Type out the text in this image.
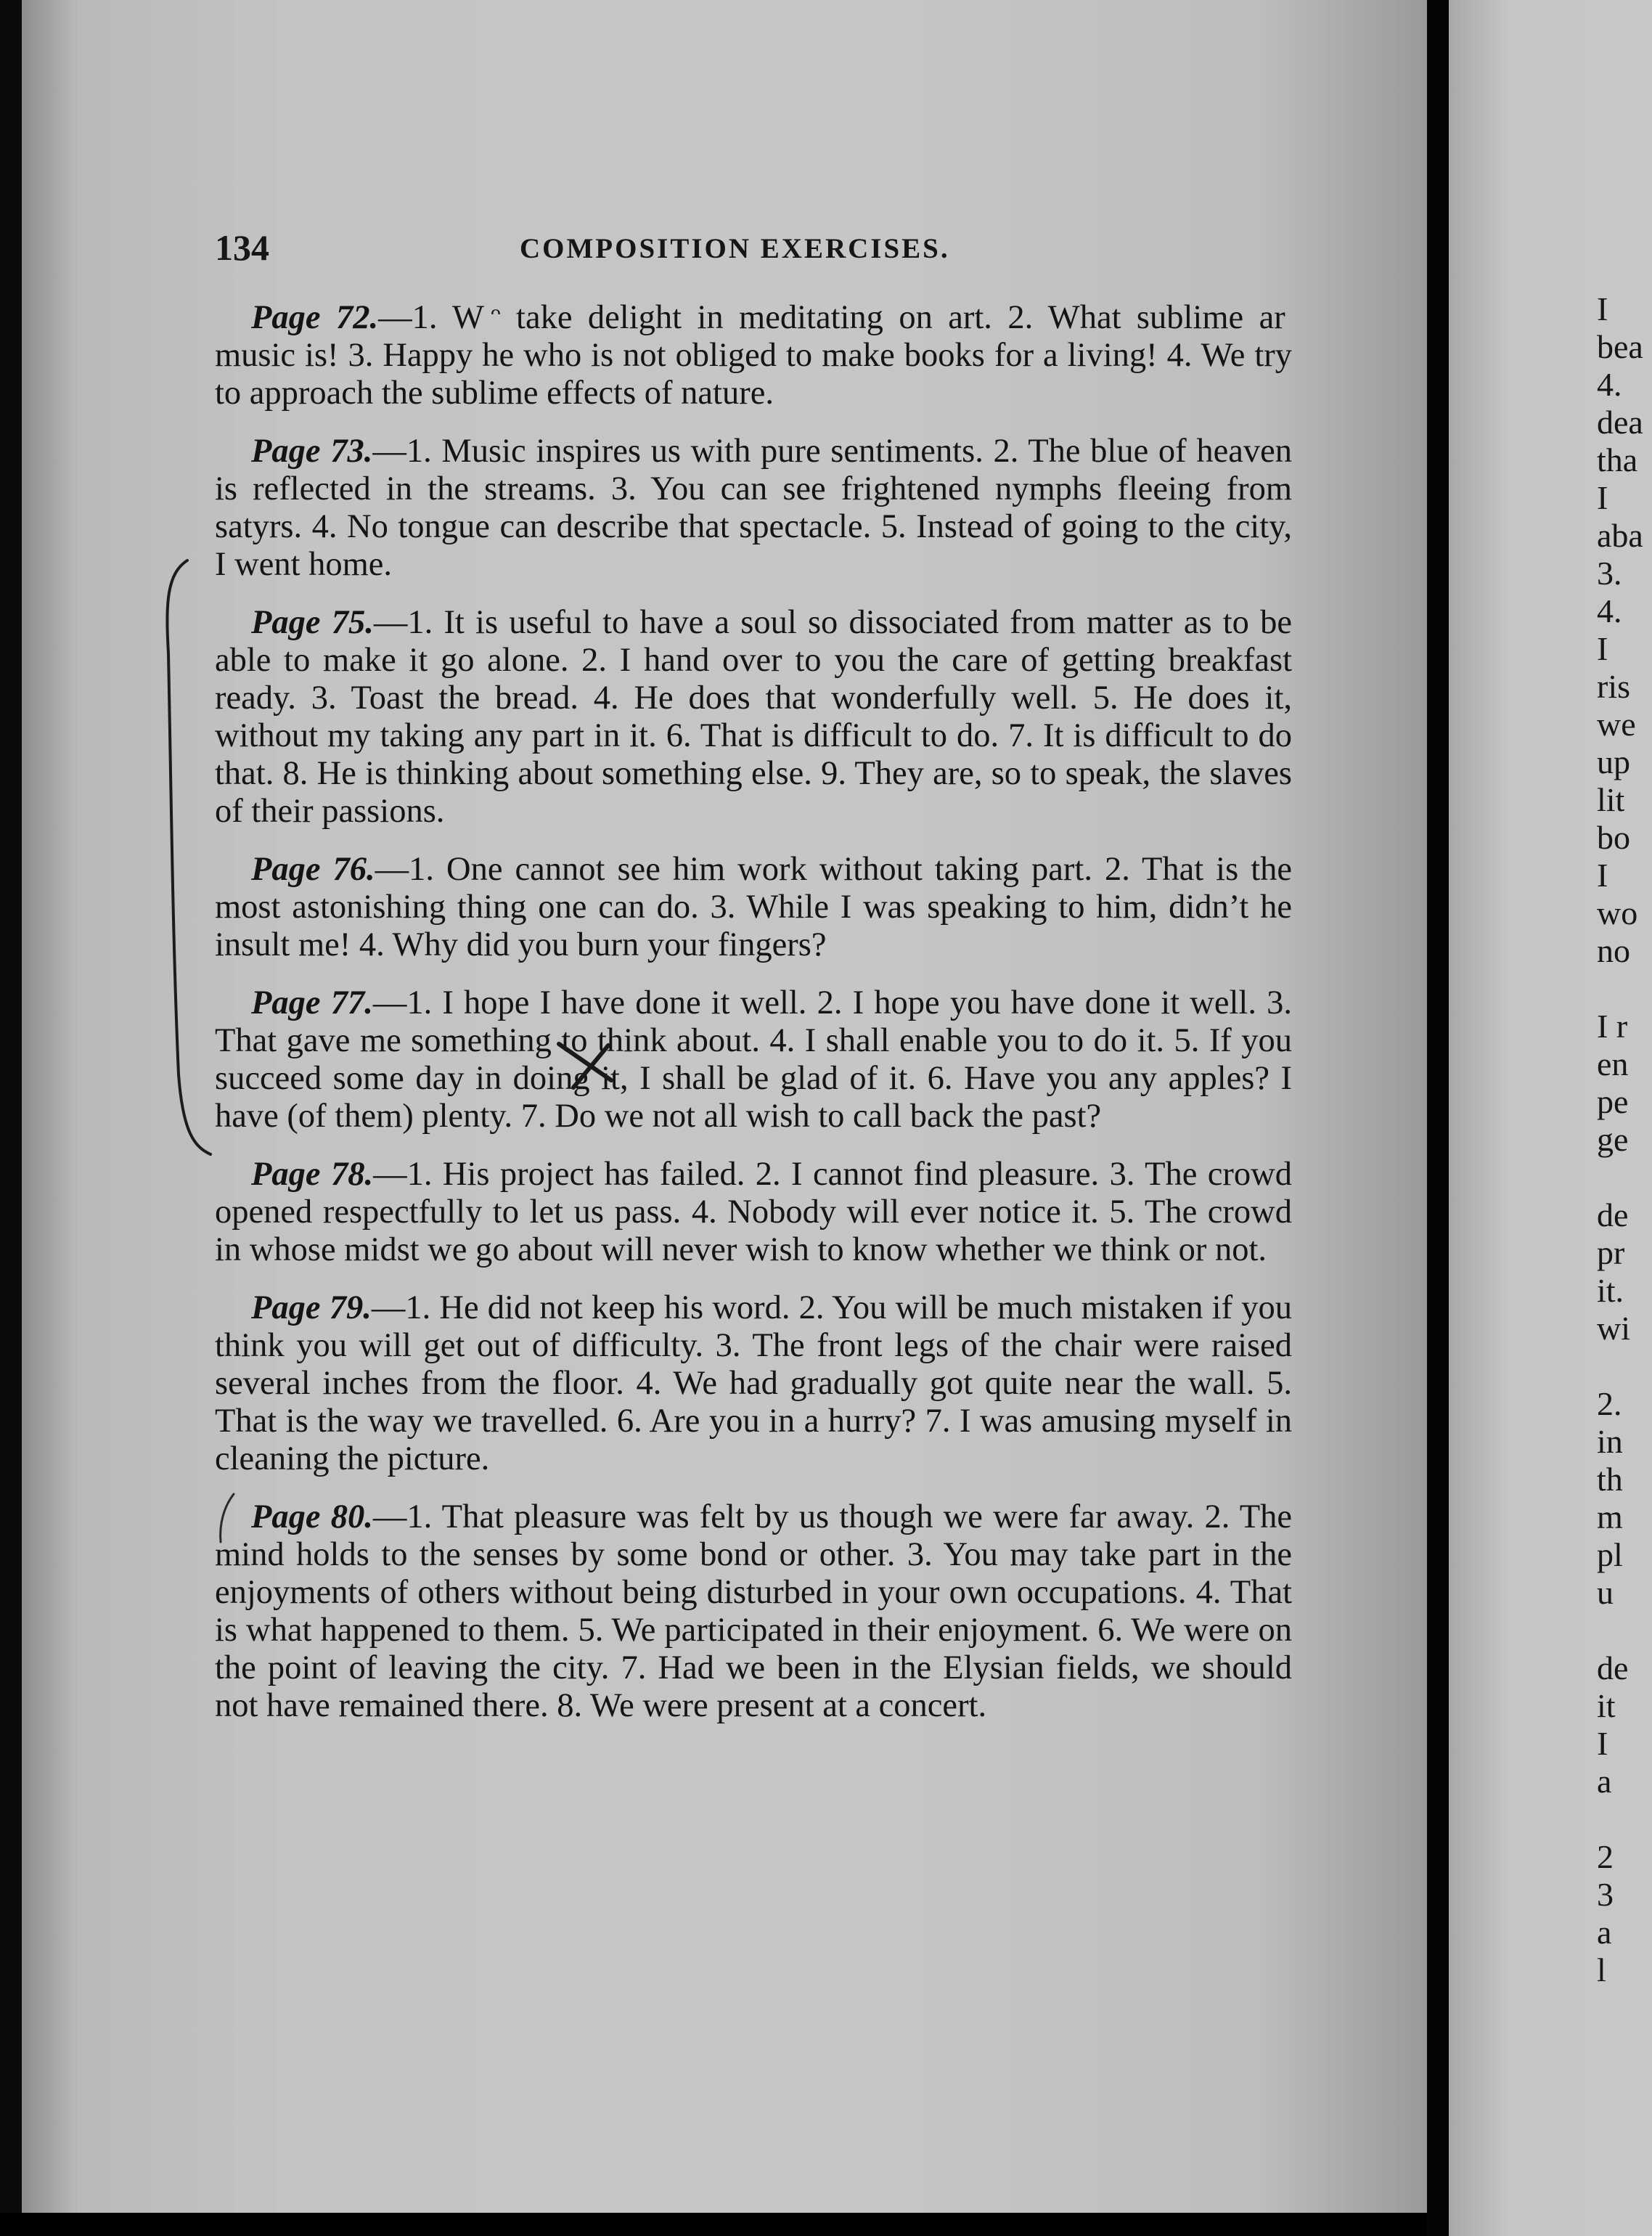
134	COMPOSITION EXERCISES.

Page 72.—1. W ᵔ take delight in meditating on art. 2. What sublime ar  music is! 3. Happy he who is not obliged to make books for a living! 4. We try to approach the sublime effects of nature.

Page 73.—1. Music inspires us with pure sentiments. 2. The blue of heaven is reflected in the streams. 3. You can see frightened nymphs fleeing from satyrs. 4. No tongue can describe that spectacle. 5. Instead of going to the city, I went home.

Page 75.—1. It is useful to have a soul so dissociated from matter as to be able to make it go alone. 2. I hand over to you the care of getting breakfast ready. 3. Toast the bread. 4. He does that wonderfully well. 5. He does it, without my taking any part in it. 6. That is difficult to do. 7. It is difficult to do that. 8. He is thinking about something else. 9. They are, so to speak, the slaves of their passions.

Page 76.—1. One cannot see him work without taking part. 2. That is the most astonishing thing one can do. 3. While I was speaking to him, didn’t he insult me! 4. Why did you burn your fingers?

Page 77.—1. I hope I have done it well. 2. I hope you have done it well. 3. That gave me something to think about. 4. I shall enable you to do it. 5. If you succeed some day in doing it, I shall be glad of it. 6. Have you any apples? I have (of them) plenty. 7. Do we not all wish to call back the past?

Page 78.—1. His project has failed. 2. I cannot find pleasure. 3. The crowd opened respectfully to let us pass. 4. Nobody will ever notice it. 5. The crowd in whose midst we go about will never wish to know whether we think or not.

Page 79.—1. He did not keep his word. 2. You will be much mistaken if you think you will get out of difficulty. 3. The front legs of the chair were raised several inches from the floor. 4. We had gradually got quite near the wall. 5. That is the way we travelled. 6. Are you in a hurry? 7. I was amusing myself in cleaning the picture.

Page 80.—1. That pleasure was felt by us though we were far away. 2. The mind holds to the senses by some bond or other. 3. You may take part in the enjoyments of others without being disturbed in your own occupations. 4. That is what happened to them. 5. We participated in their enjoyment. 6. We were on the point of leaving the city. 7. Had we been in the Elysian fields, we should not have remained there. 8. We were present at a concert.

I
bea
4.
dea
tha
I
aba
3.
4.
I
ris
we
up
lit
bo
I
wo
no
I r
en
pe
ge
de
pr
it.
wi
2.
in
th
m
pl
u
de
it
I
a
2
3
a
l
